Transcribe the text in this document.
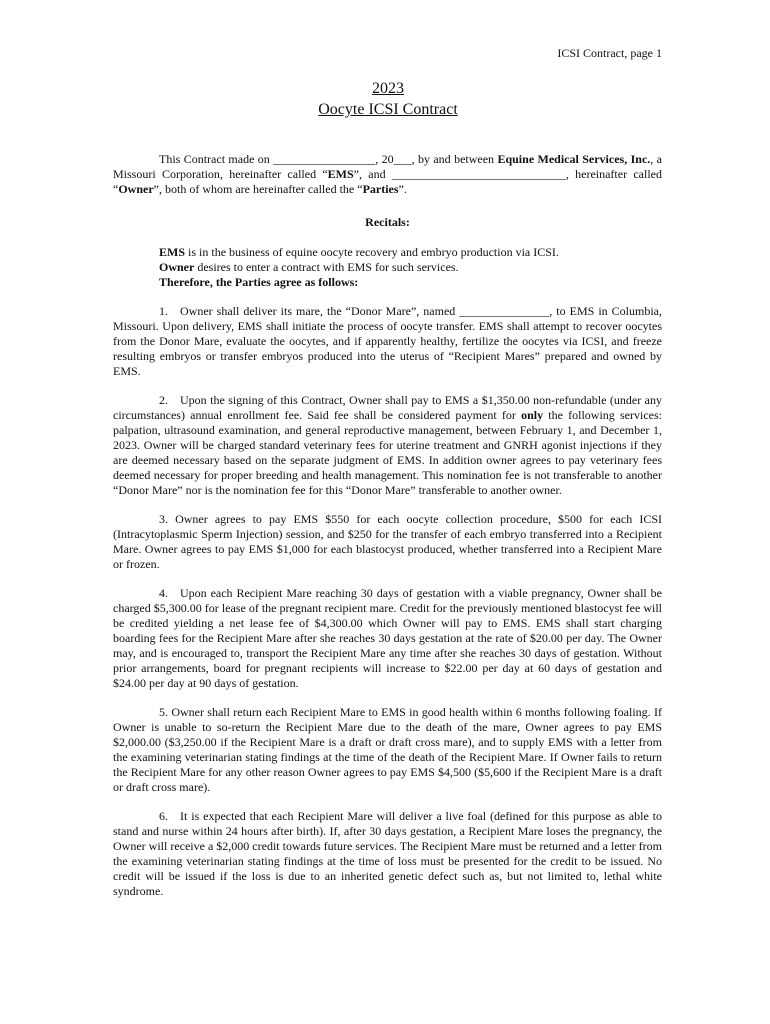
ICSI Contract, page 1
2023
Oocyte ICSI Contract

This Contract made on _________________, 20___, by and between Equine Medical Services, Inc., a Missouri Corporation, hereinafter called “EMS”, and _____________________________, hereinafter called “Owner”, both of whom are hereinafter called the “Parties”.

Recitals:

EMS is in the business of equine oocyte recovery and embryo production via ICSI.

Owner desires to enter a contract with EMS for such services.

Therefore, the Parties agree as follows:

1. Owner shall deliver its mare, the “Donor Mare”, named _______________, to EMS in Columbia, Missouri. Upon delivery, EMS shall initiate the process of oocyte transfer. EMS shall attempt to recover oocytes from the Donor Mare, evaluate the oocytes, and if apparently healthy, fertilize the oocytes via ICSI, and freeze resulting embryos or transfer embryos produced into the uterus of “Recipient Mares” prepared and owned by EMS.

2. Upon the signing of this Contract, Owner shall pay to EMS a $1,350.00 non-refundable (under any circumstances) annual enrollment fee. Said fee shall be considered payment for only the following services: palpation, ultrasound examination, and general reproductive management, between February 1, and December 1, 2023. Owner will be charged standard veterinary fees for uterine treatment and GNRH agonist injections if they are deemed necessary based on the separate judgment of EMS. In addition owner agrees to pay veterinary fees deemed necessary for proper breeding and health management. This nomination fee is not transferable to another “Donor Mare” nor is the nomination fee for this “Donor Mare” transferable to another owner.

3. Owner agrees to pay EMS $550 for each oocyte collection procedure, $500 for each ICSI (Intracytoplasmic Sperm Injection) session, and $250 for the transfer of each embryo transferred into a Recipient Mare. Owner agrees to pay EMS $1,000 for each blastocyst produced, whether transferred into a Recipient Mare or frozen.

4. Upon each Recipient Mare reaching 30 days of gestation with a viable pregnancy, Owner shall be charged $5,300.00 for lease of the pregnant recipient mare. Credit for the previously mentioned blastocyst fee will be credited yielding a net lease fee of $4,300.00 which Owner will pay to EMS. EMS shall start charging boarding fees for the Recipient Mare after she reaches 30 days gestation at the rate of $20.00 per day. The Owner may, and is encouraged to, transport the Recipient Mare any time after she reaches 30 days of gestation. Without prior arrangements, board for pregnant recipients will increase to $22.00 per day at 60 days of gestation and $24.00 per day at 90 days of gestation.

5. Owner shall return each Recipient Mare to EMS in good health within 6 months following foaling. If Owner is unable to so-return the Recipient Mare due to the death of the mare, Owner agrees to pay EMS $2,000.00 ($3,250.00 if the Recipient Mare is a draft or draft cross mare), and to supply EMS with a letter from the examining veterinarian stating findings at the time of the death of the Recipient Mare. If Owner fails to return the Recipient Mare for any other reason Owner agrees to pay EMS $4,500 ($5,600 if the Recipient Mare is a draft or draft cross mare).

6. It is expected that each Recipient Mare will deliver a live foal (defined for this purpose as able to stand and nurse within 24 hours after birth). If, after 30 days gestation, a Recipient Mare loses the pregnancy, the Owner will receive a $2,000 credit towards future services. The Recipient Mare must be returned and a letter from the examining veterinarian stating findings at the time of loss must be presented for the credit to be issued. No credit will be issued if the loss is due to an inherited genetic defect such as, but not limited to, lethal white syndrome.
